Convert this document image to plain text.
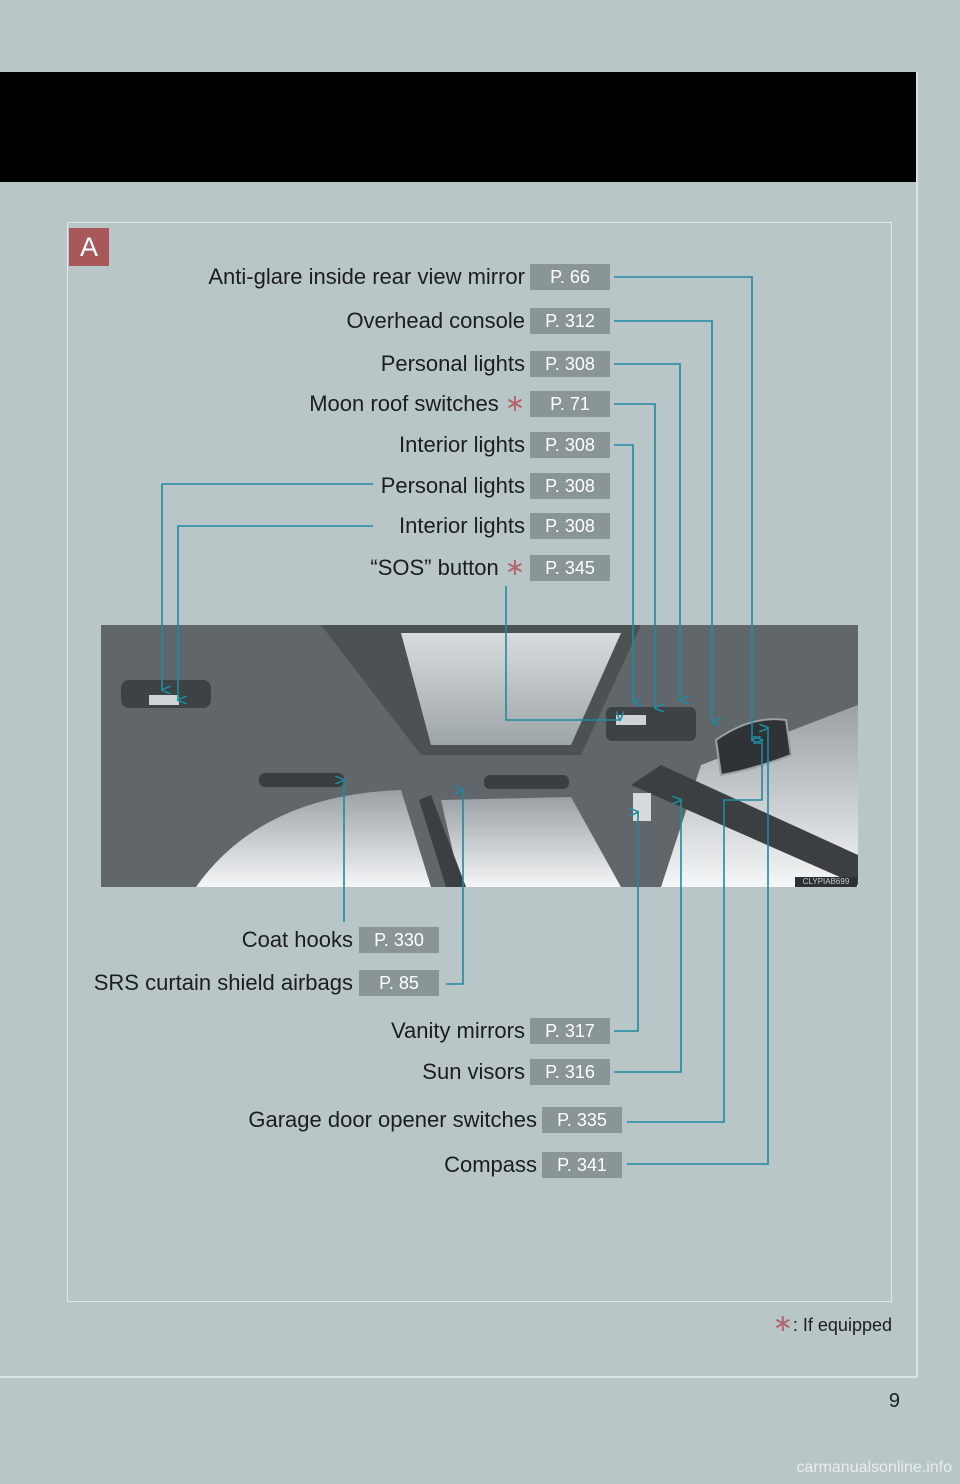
A
Anti-glare inside rear view mirror	P. 66
Overhead console	P. 312
Personal lights	P. 308
Moon roof switches ∗	P. 71
Interior lights	P. 308
Personal lights	P. 308
Interior lights	P. 308
“SOS” button ∗	P. 345
CLYPIAB699
Coat hooks	P. 330
SRS curtain shield airbags	P. 85
Vanity mirrors	P. 317
Sun visors	P. 316
Garage door opener switches	P. 335
Compass	P. 341
∗: If equipped
9
carmanualsonline.info
